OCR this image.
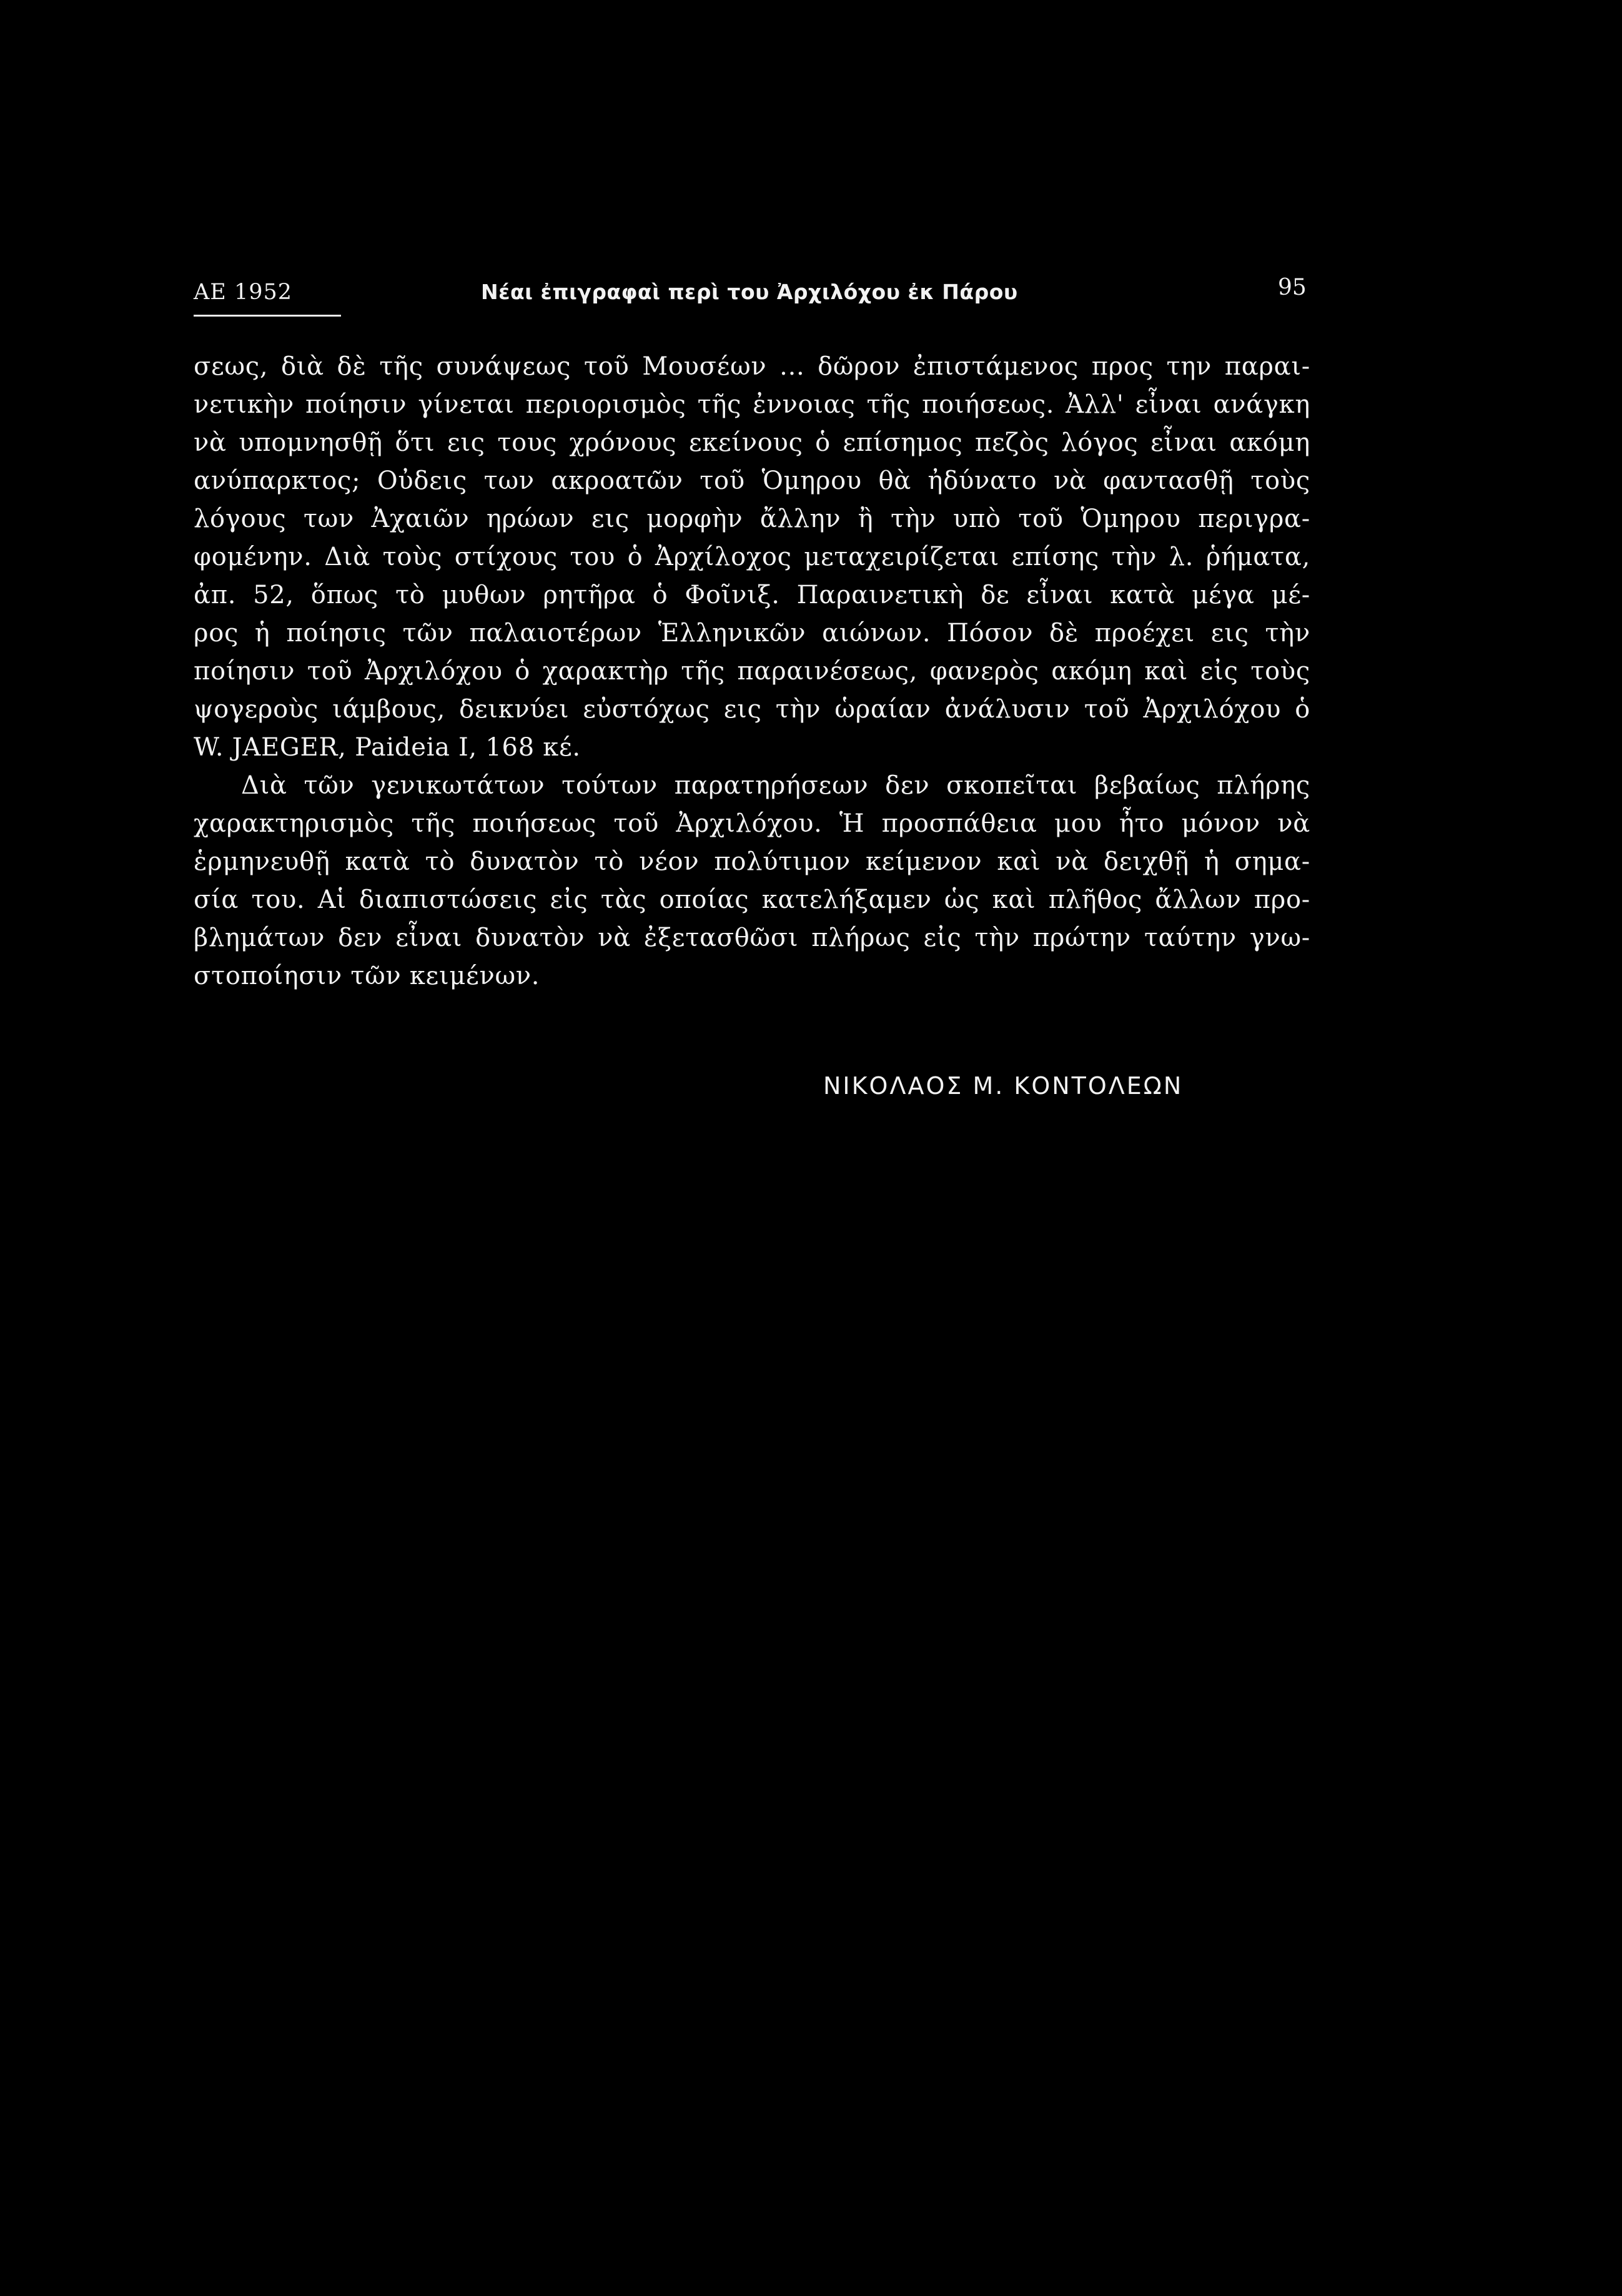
ΑΕ 1952	Νέαι ἐπιγραφαὶ περὶ του Ἀρχιλόχου ἐκ Πάρου	95
σεως, διὰ δὲ τῆς συνάψεως τοῦ Μουσέων ... δῶρον ἐπιστάμενος προς την παραι-
νετικὴν ποίησιν γίνεται περιορισμὸς τῆς ἐννοιας τῆς ποιήσεως. Ἀλλ' εἶναι ανάγκη
νὰ υπομνησθῇ ὅτι εις τους χρόνους εκείνους ὁ επίσημος πεζὸς λόγος εἶναι ακόμη
ανύπαρκτος; Οὐδεις των ακροατῶν τοῦ Ὁμηρου θὰ ἠδύνατο νὰ φαντασθῇ τοὺς
λόγους των Ἀχαιῶν ηρώων εις μορφὴν ἄλλην ἢ τὴν υπὸ τοῦ Ὁμηρου περιγρα-
φομένην. Διὰ τοὺς στίχους του ὁ Ἀρχίλοχος μεταχειρίζεται επίσης τὴν λ. ῥήματα,
ἀπ. 52, ὅπως τὸ μυθων ρητῆρα ὁ Φοῖνιξ. Παραινετικὴ δε εἶναι κατὰ μέγα μέ-
ρος ἡ ποίησις τῶν παλαιοτέρων Ἑλληνικῶν αιώνων. Πόσον δὲ προέχει εις τὴν
ποίησιν τοῦ Ἀρχιλόχου ὁ χαρακτὴρ τῆς παραινέσεως, φανερὸς ακόμη καὶ εἰς τοὺς
ψογεροὺς ιάμβους, δεικνύει εὐστόχως εις τὴν ὡραίαν ἀνάλυσιν τοῦ Ἀρχιλόχου ὁ
W. JAEGER, Paideia I, 168 κέ.
Διὰ τῶν γενικωτάτων τούτων παρατηρήσεων δεν σκοπεῖται βεβαίως πλήρης
χαρακτηρισμὸς τῆς ποιήσεως τοῦ Ἀρχιλόχου. Ἡ προσπάθεια μου ἦτο μόνον νὰ
ἑρμηνευθῇ κατὰ τὸ δυνατὸν τὸ νέον πολύτιμον κείμενον καὶ νὰ δειχθῇ ἡ σημα-
σία του. Αἱ διαπιστώσεις εἰς τὰς οποίας κατελήξαμεν ὡς καὶ πλῆθος ἄλλων προ-
βλημάτων δεν εἶναι δυνατὸν νὰ ἐξετασθῶσι πλήρως εἰς τὴν πρώτην ταύτην γνω-
στοποίησιν τῶν κειμένων.
ΝΙΚΟΛΑΟΣ Μ. ΚΟΝΤΟΛΕΩΝ
